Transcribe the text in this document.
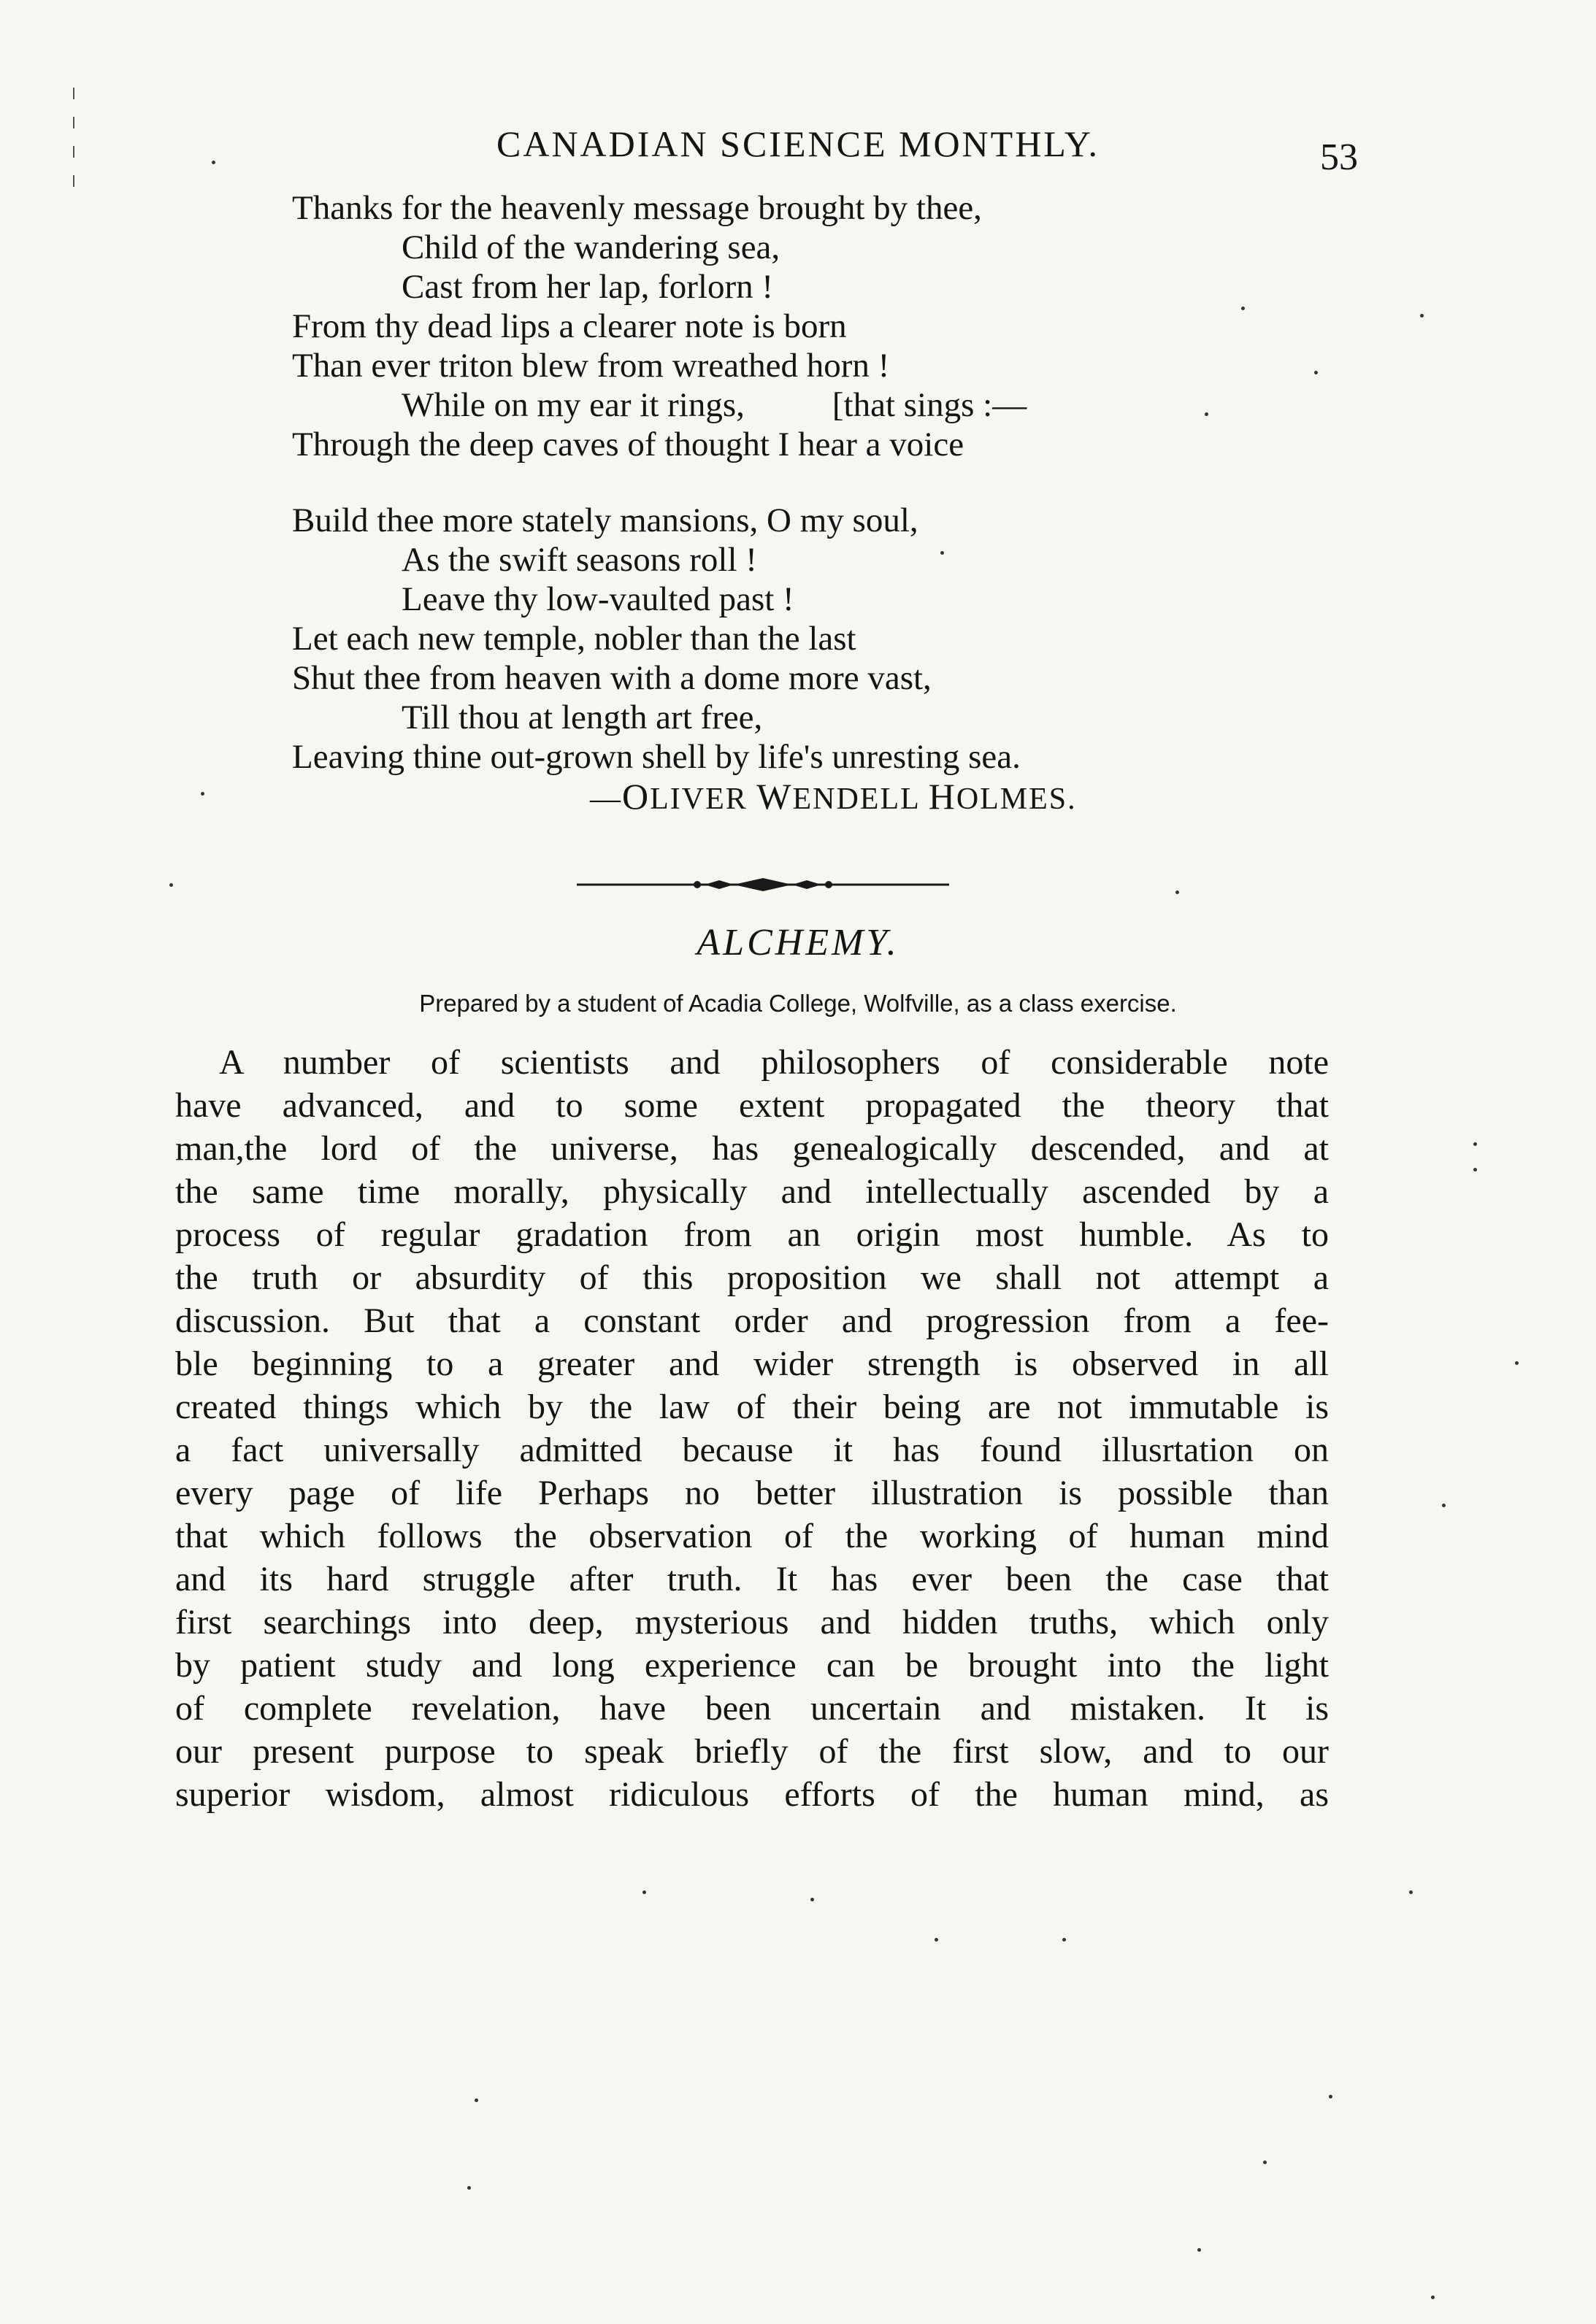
CANADIAN SCIENCE MONTHLY.	53
Thanks for the heavenly message brought by thee,
Child of the wandering sea,
Cast from her lap, forlorn !
From thy dead lips a clearer note is born
Than ever triton blew from wreathed horn !
While on my ear it rings,	[that sings :—
Through the deep caves of thought I hear a voice
Build thee more stately mansions, O my soul,
As the swift seasons roll !
Leave thy low-vaulted past !
Let each new temple, nobler than the last
Shut thee from heaven with a dome more vast,
Till thou at length art free,
Leaving thine out-grown shell by life's unresting sea.
—OLIVER WENDELL HOLMES.
ALCHEMY.
Prepared by a student of Acadia College, Wolfville, as a class exercise.
A number of scientists and philosophers of considerable note
have advanced, and to some extent propagated the theory that
man,the lord of the universe, has genealogically descended, and at
the same time morally, physically and intellectually ascended by a
process of regular gradation from an origin most humble. As to
the truth or absurdity of this proposition we shall not attempt a
discussion. But that a constant order and progression from a fee-
ble beginning to a greater and wider strength is observed in all
created things which by the law of their being are not immutable is
a fact universally admitted because it has found illusrtation on
every page of life Perhaps no better illustration is possible than
that which follows the observation of the working of human mind
and its hard struggle after truth. It has ever been the case that
first searchings into deep, mysterious and hidden truths, which only
by patient study and long experience can be brought into the light
of complete revelation, have been uncertain and mistaken. It is
our present purpose to speak briefly of the first slow, and to our
superior wisdom, almost ridiculous efforts of the human mind, as
